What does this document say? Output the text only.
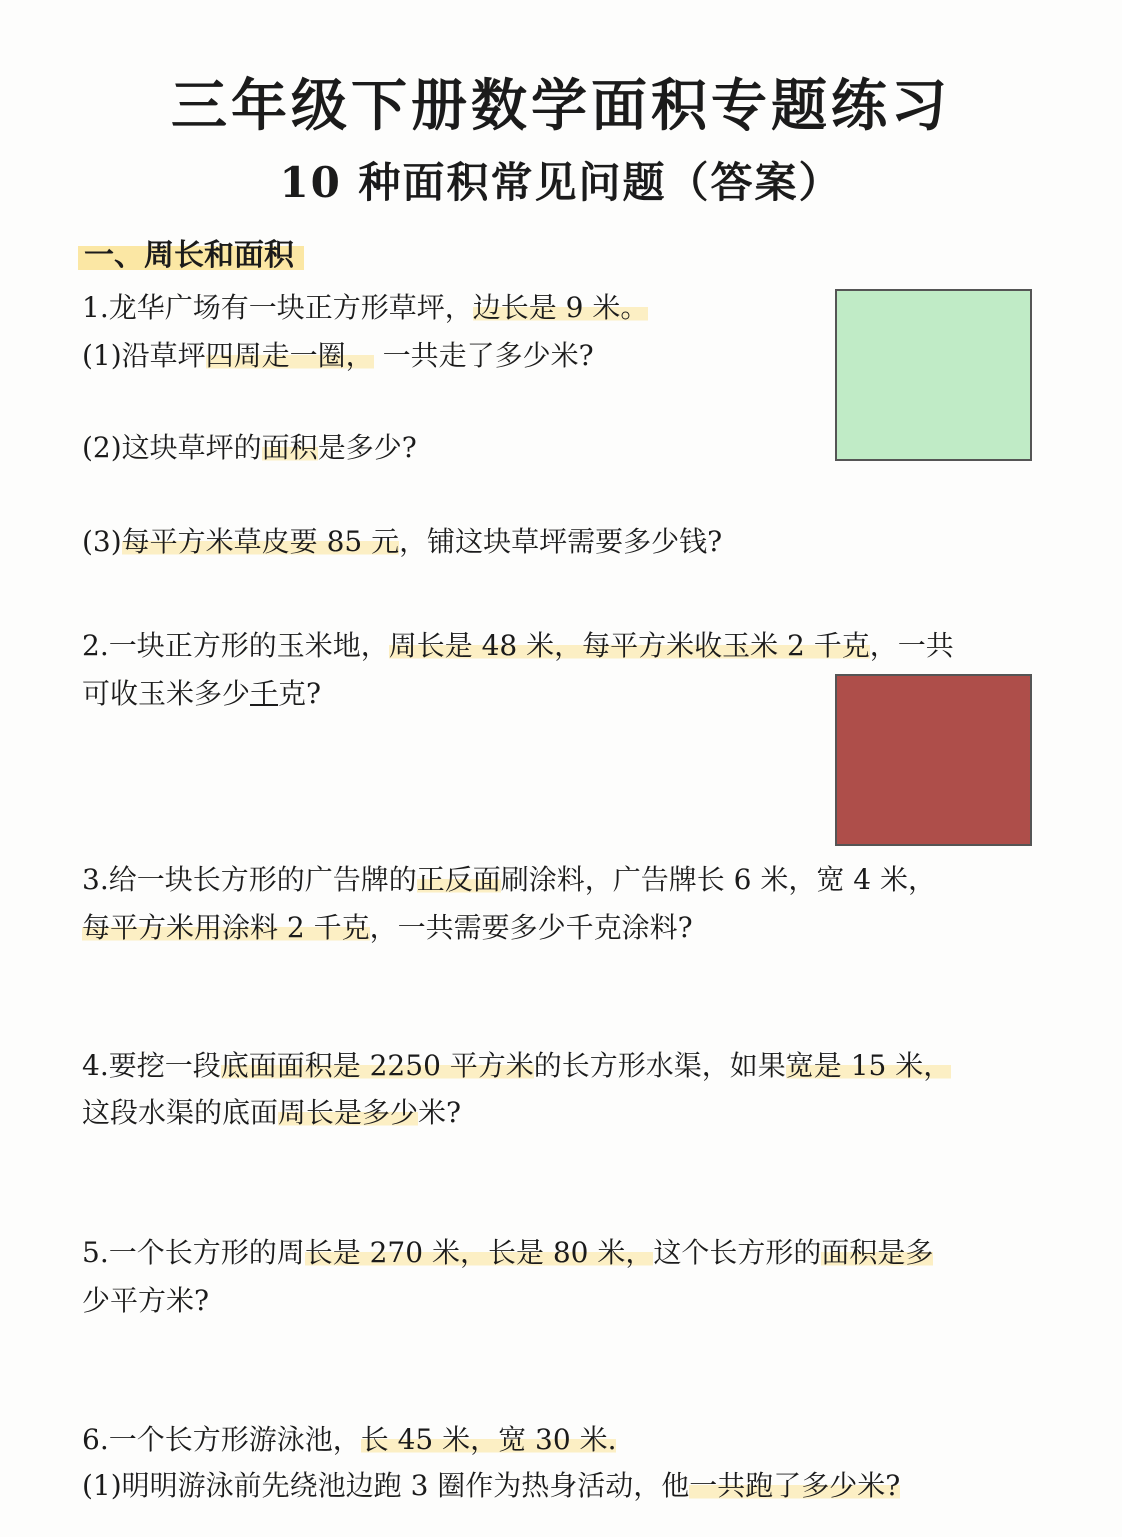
三年级下册数学面积专题练习
10 种面积常见问题（答案）
一、周长和面积
1.龙华广场有一块正方形草坪，边长是 9 米。
(1)沿草坪四周走一圈， 一共走了多少米?
(2)这块草坪的面积是多少?
(3)每平方米草皮要 85 元，铺这块草坪需要多少钱?
2.一块正方形的玉米地，周长是 48 米，每平方米收玉米 2 千克，一共
可收玉米多少千克?
3.给一块长方形的广告牌的正反面刷涂料，广告牌长 6 米，宽 4 米，
每平方米用涂料 2 千克，一共需要多少千克涂料?
4.要挖一段底面面积是 2250 平方米的长方形水渠，如果宽是 15 米，
这段水渠的底面周长是多少米?
5.一个长方形的周长是 270 米，长是 80 米，这个长方形的面积是多
少平方米?
6.一个长方形游泳池，长 45 米，宽 30 米.
(1)明明游泳前先绕池边跑 3 圈作为热身活动，他一共跑了多少米?
